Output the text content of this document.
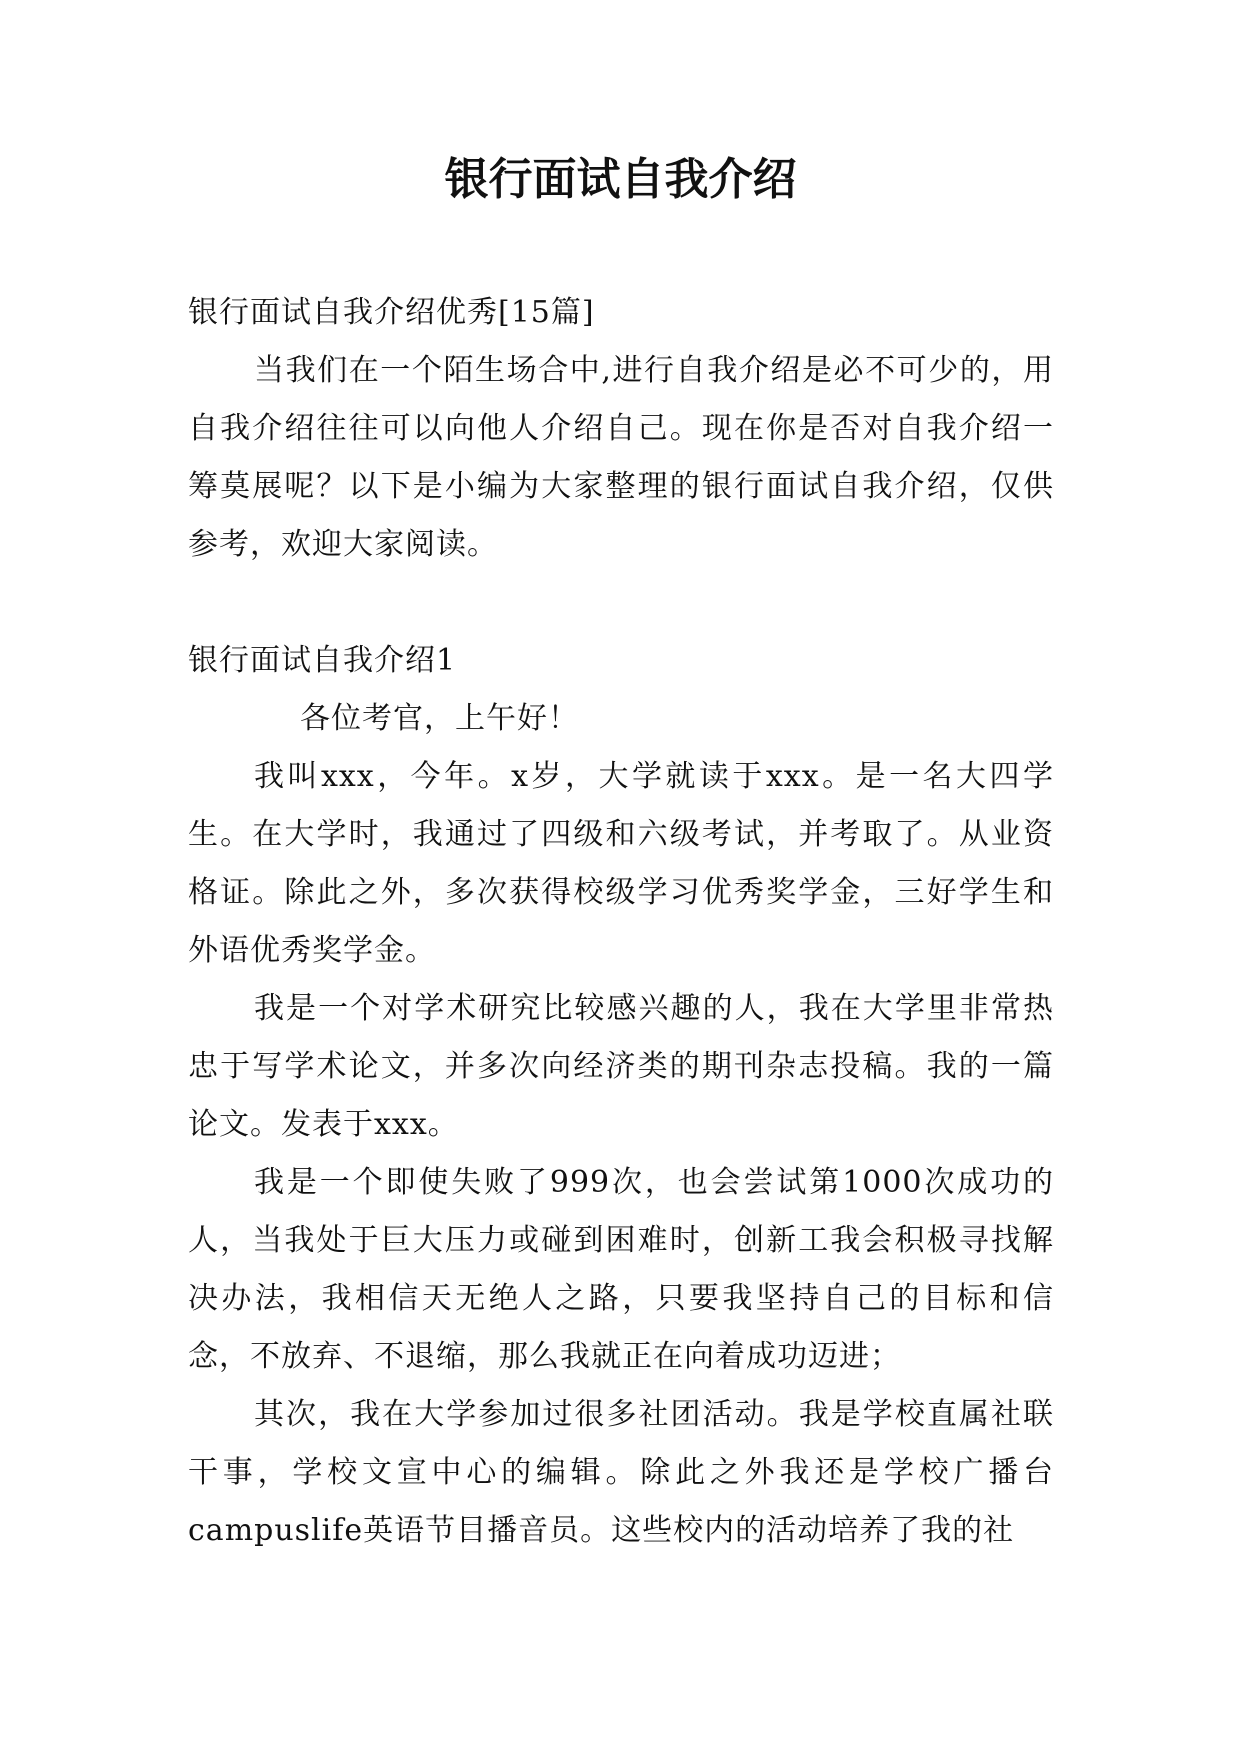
银行面试自我介绍

银行面试自我介绍优秀[15篇]

当我们在一个陌生场合中,进行自我介绍是必不可少的，用自我介绍往往可以向他人介绍自己。现在你是否对自我介绍一筹莫展呢？以下是小编为大家整理的银行面试自我介绍，仅供参考，欢迎大家阅读。

银行面试自我介绍1

各位考官，上午好！

我叫xxx，今年。x岁，大学就读于xxx。是一名大四学生。在大学时，我通过了四级和六级考试，并考取了。从业资格证。除此之外，多次获得校级学习优秀奖学金，三好学生和外语优秀奖学金。

我是一个对学术研究比较感兴趣的人，我在大学里非常热忠于写学术论文，并多次向经济类的期刊杂志投稿。我的一篇论文。发表于xxx。

我是一个即使失败了999次，也会尝试第1000次成功的人，当我处于巨大压力或碰到困难时，创新工我会积极寻找解决办法，我相信天无绝人之路，只要我坚持自己的目标和信念，不放弃、不退缩，那么我就正在向着成功迈进；

其次，我在大学参加过很多社团活动。我是学校直属社联干事，学校文宣中心的编辑。除此之外我还是学校广播台campuslife英语节目播音员。这些校内的活动培养了我的社
